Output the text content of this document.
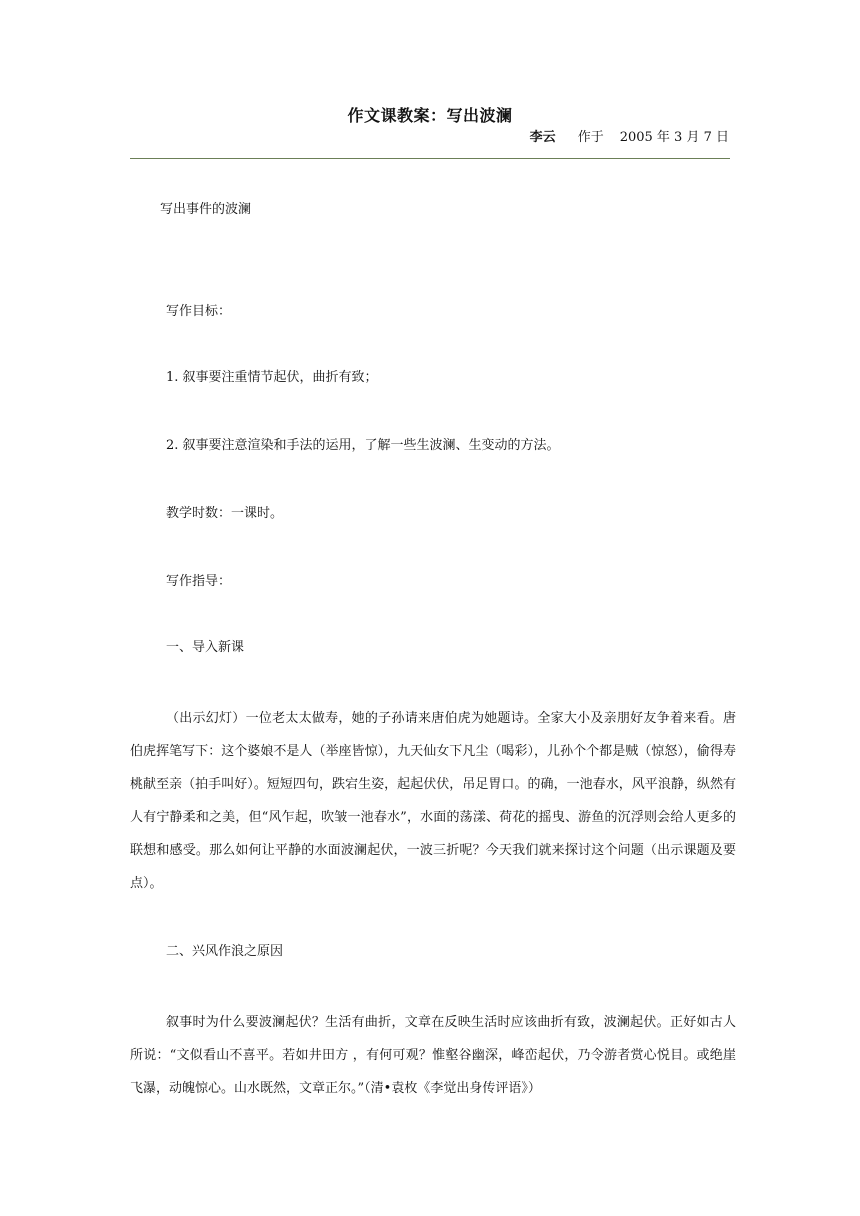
作文课教案：写出波澜
李云 作于 2005 年 3 月 7 日
写出事件的波澜
写作目标：
1. 叙事要注重情节起伏，曲折有致；
2. 叙事要注意渲染和手法的运用，了解一些生波澜、生变动的方法。
教学时数：一课时。
写作指导：
一、导入新课
（出示幻灯）一位老太太做寿，她的子孙请来唐伯虎为她题诗。全家大小及亲朋好友争着来看。唐伯虎挥笔写下：这个婆娘不是人（举座皆惊），九天仙女下凡尘（喝彩），儿孙个个都是贼（惊怒），偷得寿桃献至亲（拍手叫好）。短短四句，跌宕生姿，起起伏伏，吊足胃口。的确，一池春水，风平浪静，纵然有人有宁静柔和之美，但“风乍起，吹皱一池春水”，水面的荡漾、荷花的摇曳、游鱼的沉浮则会给人更多的联想和感受。那么如何让平静的水面波澜起伏，一波三折呢？今天我们就来探讨这个问题（出示课题及要点）。
二、兴风作浪之原因
叙事时为什么要波澜起伏？生活有曲折，文章在反映生活时应该曲折有致，波澜起伏。正好如古人所说：“文似看山不喜平。若如井田方 ，有何可观？惟壑谷幽深，峰峦起伏，乃令游者赏心悦目。或绝崖飞瀑，动魄惊心。山水既然，文章正尔。”（清•袁枚《李觉出身传评语》）
